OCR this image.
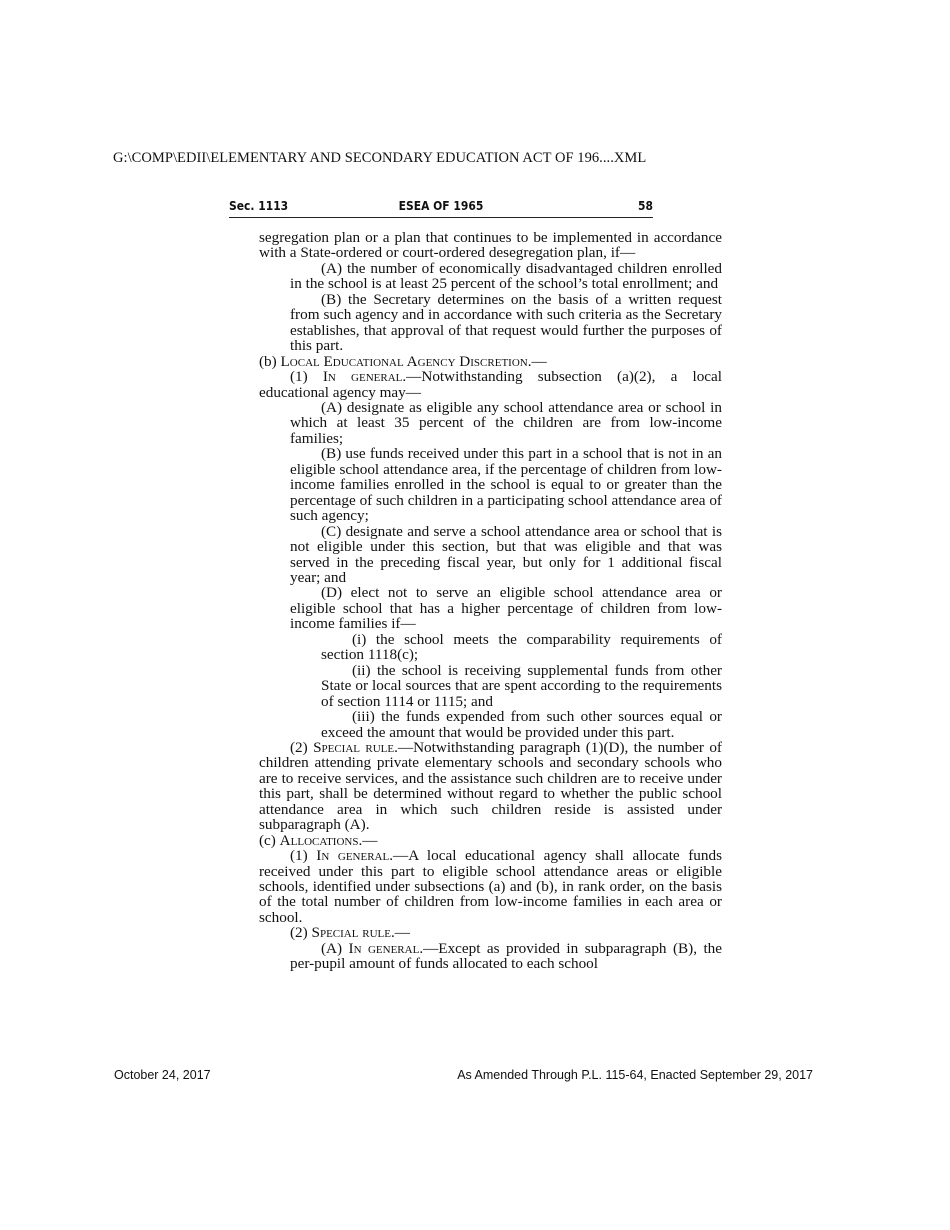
G:\COMP\EDII\ELEMENTARY AND SECONDARY EDUCATION ACT OF 196....XML
Sec. 1113	ESEA OF 1965	58

segregation plan or a plan that continues to be implemented in accordance with a State-ordered or court-ordered desegregation plan, if—

(A) the number of economically disadvantaged children enrolled in the school is at least 25 percent of the school’s total enrollment; and

(B) the Secretary determines on the basis of a written request from such agency and in accordance with such criteria as the Secretary establishes, that approval of that request would further the purposes of this part.

(b) Local Educational Agency Discretion.—

(1) In general.—Notwithstanding subsection (a)(2), a local educational agency may—

(A) designate as eligible any school attendance area or school in which at least 35 percent of the children are from low-income families;

(B) use funds received under this part in a school that is not in an eligible school attendance area, if the percentage of children from low-income families enrolled in the school is equal to or greater than the percentage of such children in a participating school attendance area of such agency;

(C) designate and serve a school attendance area or school that is not eligible under this section, but that was eligible and that was served in the preceding fiscal year, but only for 1 additional fiscal year; and

(D) elect not to serve an eligible school attendance area or eligible school that has a higher percentage of children from low-income families if—

(i) the school meets the comparability requirements of section 1118(c);

(ii) the school is receiving supplemental funds from other State or local sources that are spent according to the requirements of section 1114 or 1115; and

(iii) the funds expended from such other sources equal or exceed the amount that would be provided under this part.

(2) Special rule.—Notwithstanding paragraph (1)(D), the number of children attending private elementary schools and secondary schools who are to receive services, and the assistance such children are to receive under this part, shall be determined without regard to whether the public school attendance area in which such children reside is assisted under subparagraph (A).

(c) Allocations.—

(1) In general.—A local educational agency shall allocate funds received under this part to eligible school attendance areas or eligible schools, identified under subsections (a) and (b), in rank order, on the basis of the total number of children from low-income families in each area or school.

(2) Special rule.—

(A) In general.—Except as provided in subparagraph (B), the per-pupil amount of funds allocated to each school

October 24, 2017	As Amended Through P.L. 115-64, Enacted September 29, 2017
